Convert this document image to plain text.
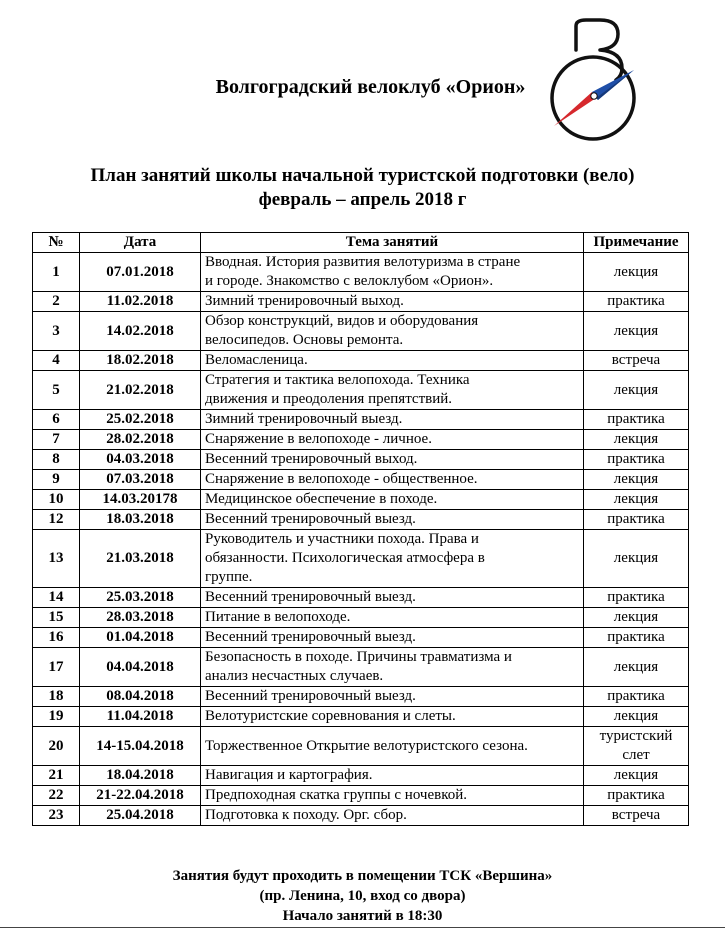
Волгоградский велоклуб «Орион»
План занятий школы начальной туристской подготовки (вело)
февраль – апрель 2018 г
№	Дата	Тема занятий	Примечание
1	07.01.2018	Вводная. История развития велотуризма в стране
и городе. Знакомство с велоклубом «Орион».	лекция
2	11.02.2018	Зимний тренировочный выход.	практика
3	14.02.2018	Обзор конструкций, видов и оборудования
велосипедов. Основы ремонта.	лекция
4	18.02.2018	Веломасленица.	встреча
5	21.02.2018	Стратегия и тактика велопохода. Техника
движения и преодоления препятствий.	лекция
6	25.02.2018	Зимний тренировочный выезд.	практика
7	28.02.2018	Снаряжение в велопоходе - личное.	лекция
8	04.03.2018	Весенний тренировочный выход.	практика
9	07.03.2018	Снаряжение в велопоходе - общественное.	лекция
10	14.03.20178	Медицинское обеспечение в походе.	лекция
12	18.03.2018	Весенний тренировочный выезд.	практика
13	21.03.2018	Руководитель и участники похода. Права и
обязанности. Психологическая атмосфера в
группе.	лекция
14	25.03.2018	Весенний тренировочный выезд.	практика
15	28.03.2018	Питание в велопоходе.	лекция
16	01.04.2018	Весенний тренировочный выезд.	практика
17	04.04.2018	Безопасность в походе. Причины травматизма и
анализ несчастных случаев.	лекция
18	08.04.2018	Весенний тренировочный выезд.	практика
19	11.04.2018	Велотуристские соревнования и слеты.	лекция
20	14-15.04.2018	Торжественное Открытие велотуристского сезона.	туристский
слет

21	18.04.2018	Навигация и картография.	лекция
22	21-22.04.2018	Предпоходная скатка группы с ночевкой.	практика
23	25.04.2018	Подготовка к походу. Орг. сбор.	встреча
Занятия будут проходить в помещении ТСК «Вершина»
(пр. Ленина, 10, вход со двора)
Начало занятий в 18:30
